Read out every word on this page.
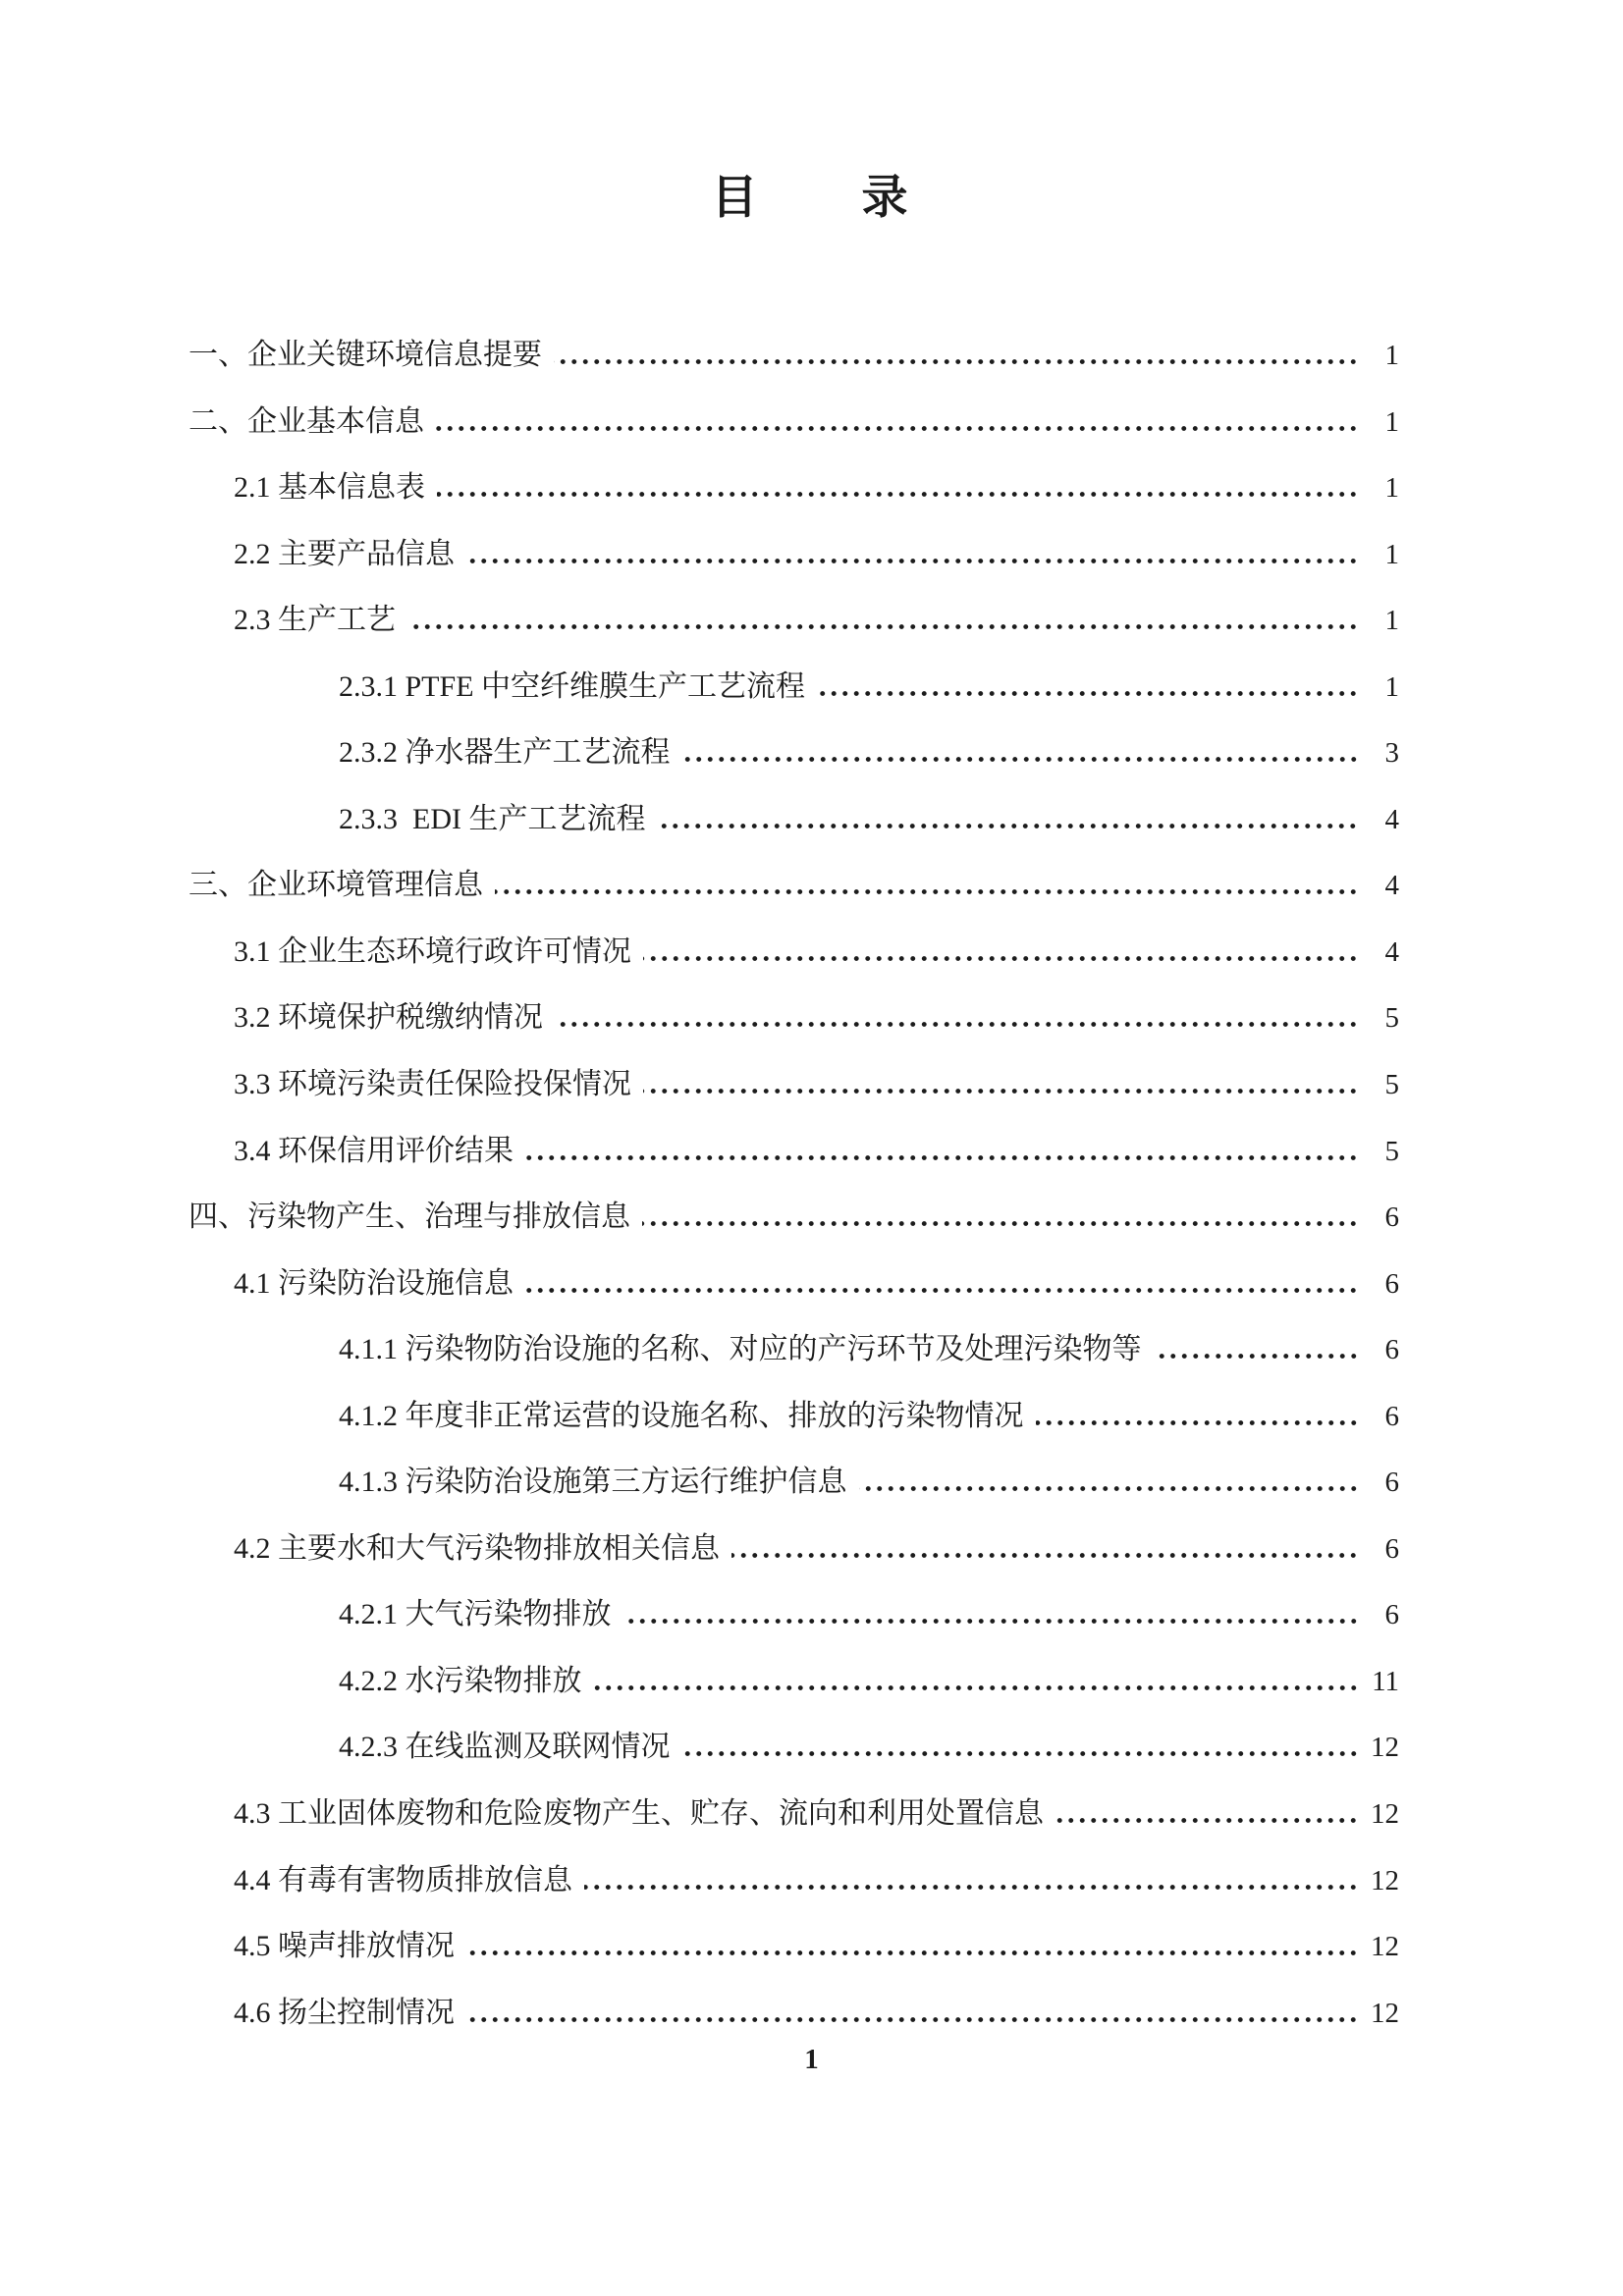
目　　录
一、企业关键环境信息提要	1
二、企业基本信息	1
2.1 基本信息表	1
2.2 主要产品信息	1
2.3 生产工艺	1
2.3.1 PTFE 中空纤维膜生产工艺流程	1
2.3.2 净水器生产工艺流程	3
2.3.3  EDI 生产工艺流程	4
三、企业环境管理信息	4
3.1 企业生态环境行政许可情况	4
3.2 环境保护税缴纳情况	5
3.3 环境污染责任保险投保情况	5
3.4 环保信用评价结果	5
四、污染物产生、治理与排放信息	6
4.1 污染防治设施信息	6
4.1.1 污染物防治设施的名称、对应的产污环节及处理污染物等	6
4.1.2 年度非正常运营的设施名称、排放的污染物情况	6
4.1.3 污染防治设施第三方运行维护信息	6
4.2 主要水和大气污染物排放相关信息	6
4.2.1 大气污染物排放	6
4.2.2 水污染物排放	11
4.2.3 在线监测及联网情况	12
4.3 工业固体废物和危险废物产生、贮存、流向和利用处置信息	12
4.4 有毒有害物质排放信息	12
4.5 噪声排放情况	12
4.6 扬尘控制情况	12
1
